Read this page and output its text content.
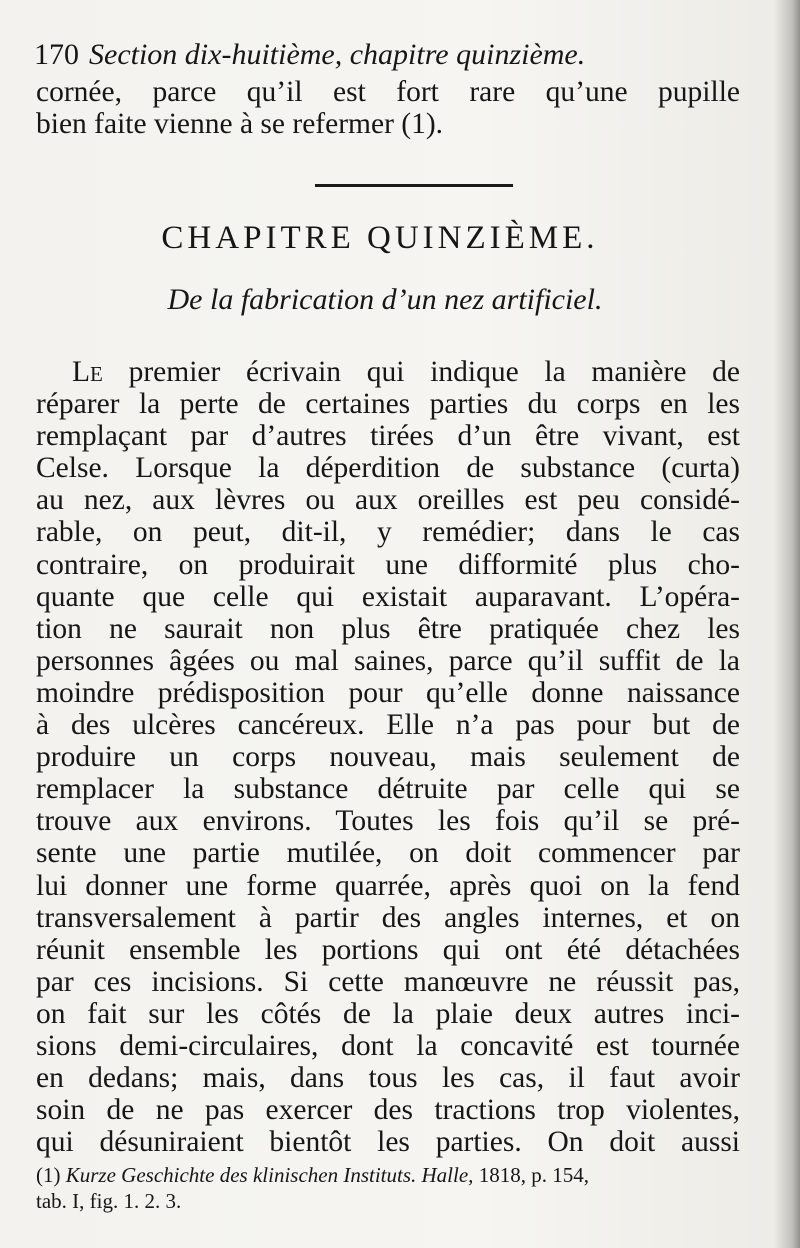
170 Section dix-huitième, chapitre quinzième.
cornée, parce qu’il est fort rare qu’une pupille
bien faite vienne à se refermer (1).
CHAPITRE QUINZIÈME.
De la fabrication d’un nez artificiel.
Le premier écrivain qui indique la manière de
réparer la perte de certaines parties du corps en les
remplaçant par d’autres tirées d’un être vivant, est
Celse. Lorsque la déperdition de substance (curta)
au nez, aux lèvres ou aux oreilles est peu considé-
rable, on peut, dit-il, y remédier; dans le cas
contraire, on produirait une difformité plus cho-
quante que celle qui existait auparavant. L’opéra-
tion ne saurait non plus être pratiquée chez les
personnes âgées ou mal saines, parce qu’il suffit de la
moindre prédisposition pour qu’elle donne naissance
à des ulcères cancéreux. Elle n’a pas pour but de
produire un corps nouveau, mais seulement de
remplacer la substance détruite par celle qui se
trouve aux environs. Toutes les fois qu’il se pré-
sente une partie mutilée, on doit commencer par
lui donner une forme quarrée, après quoi on la fend
transversalement à partir des angles internes, et on
réunit ensemble les portions qui ont été détachées
par ces incisions. Si cette manœuvre ne réussit pas,
on fait sur les côtés de la plaie deux autres inci-
sions demi-circulaires, dont la concavité est tournée
en dedans; mais, dans tous les cas, il faut avoir
soin de ne pas exercer des tractions trop violentes,
qui désuniraient bientôt les parties. On doit aussi
(1) Kurze Geschichte des klinischen Instituts. Halle, 1818, p. 154,
tab. I, fig. 1. 2. 3.
